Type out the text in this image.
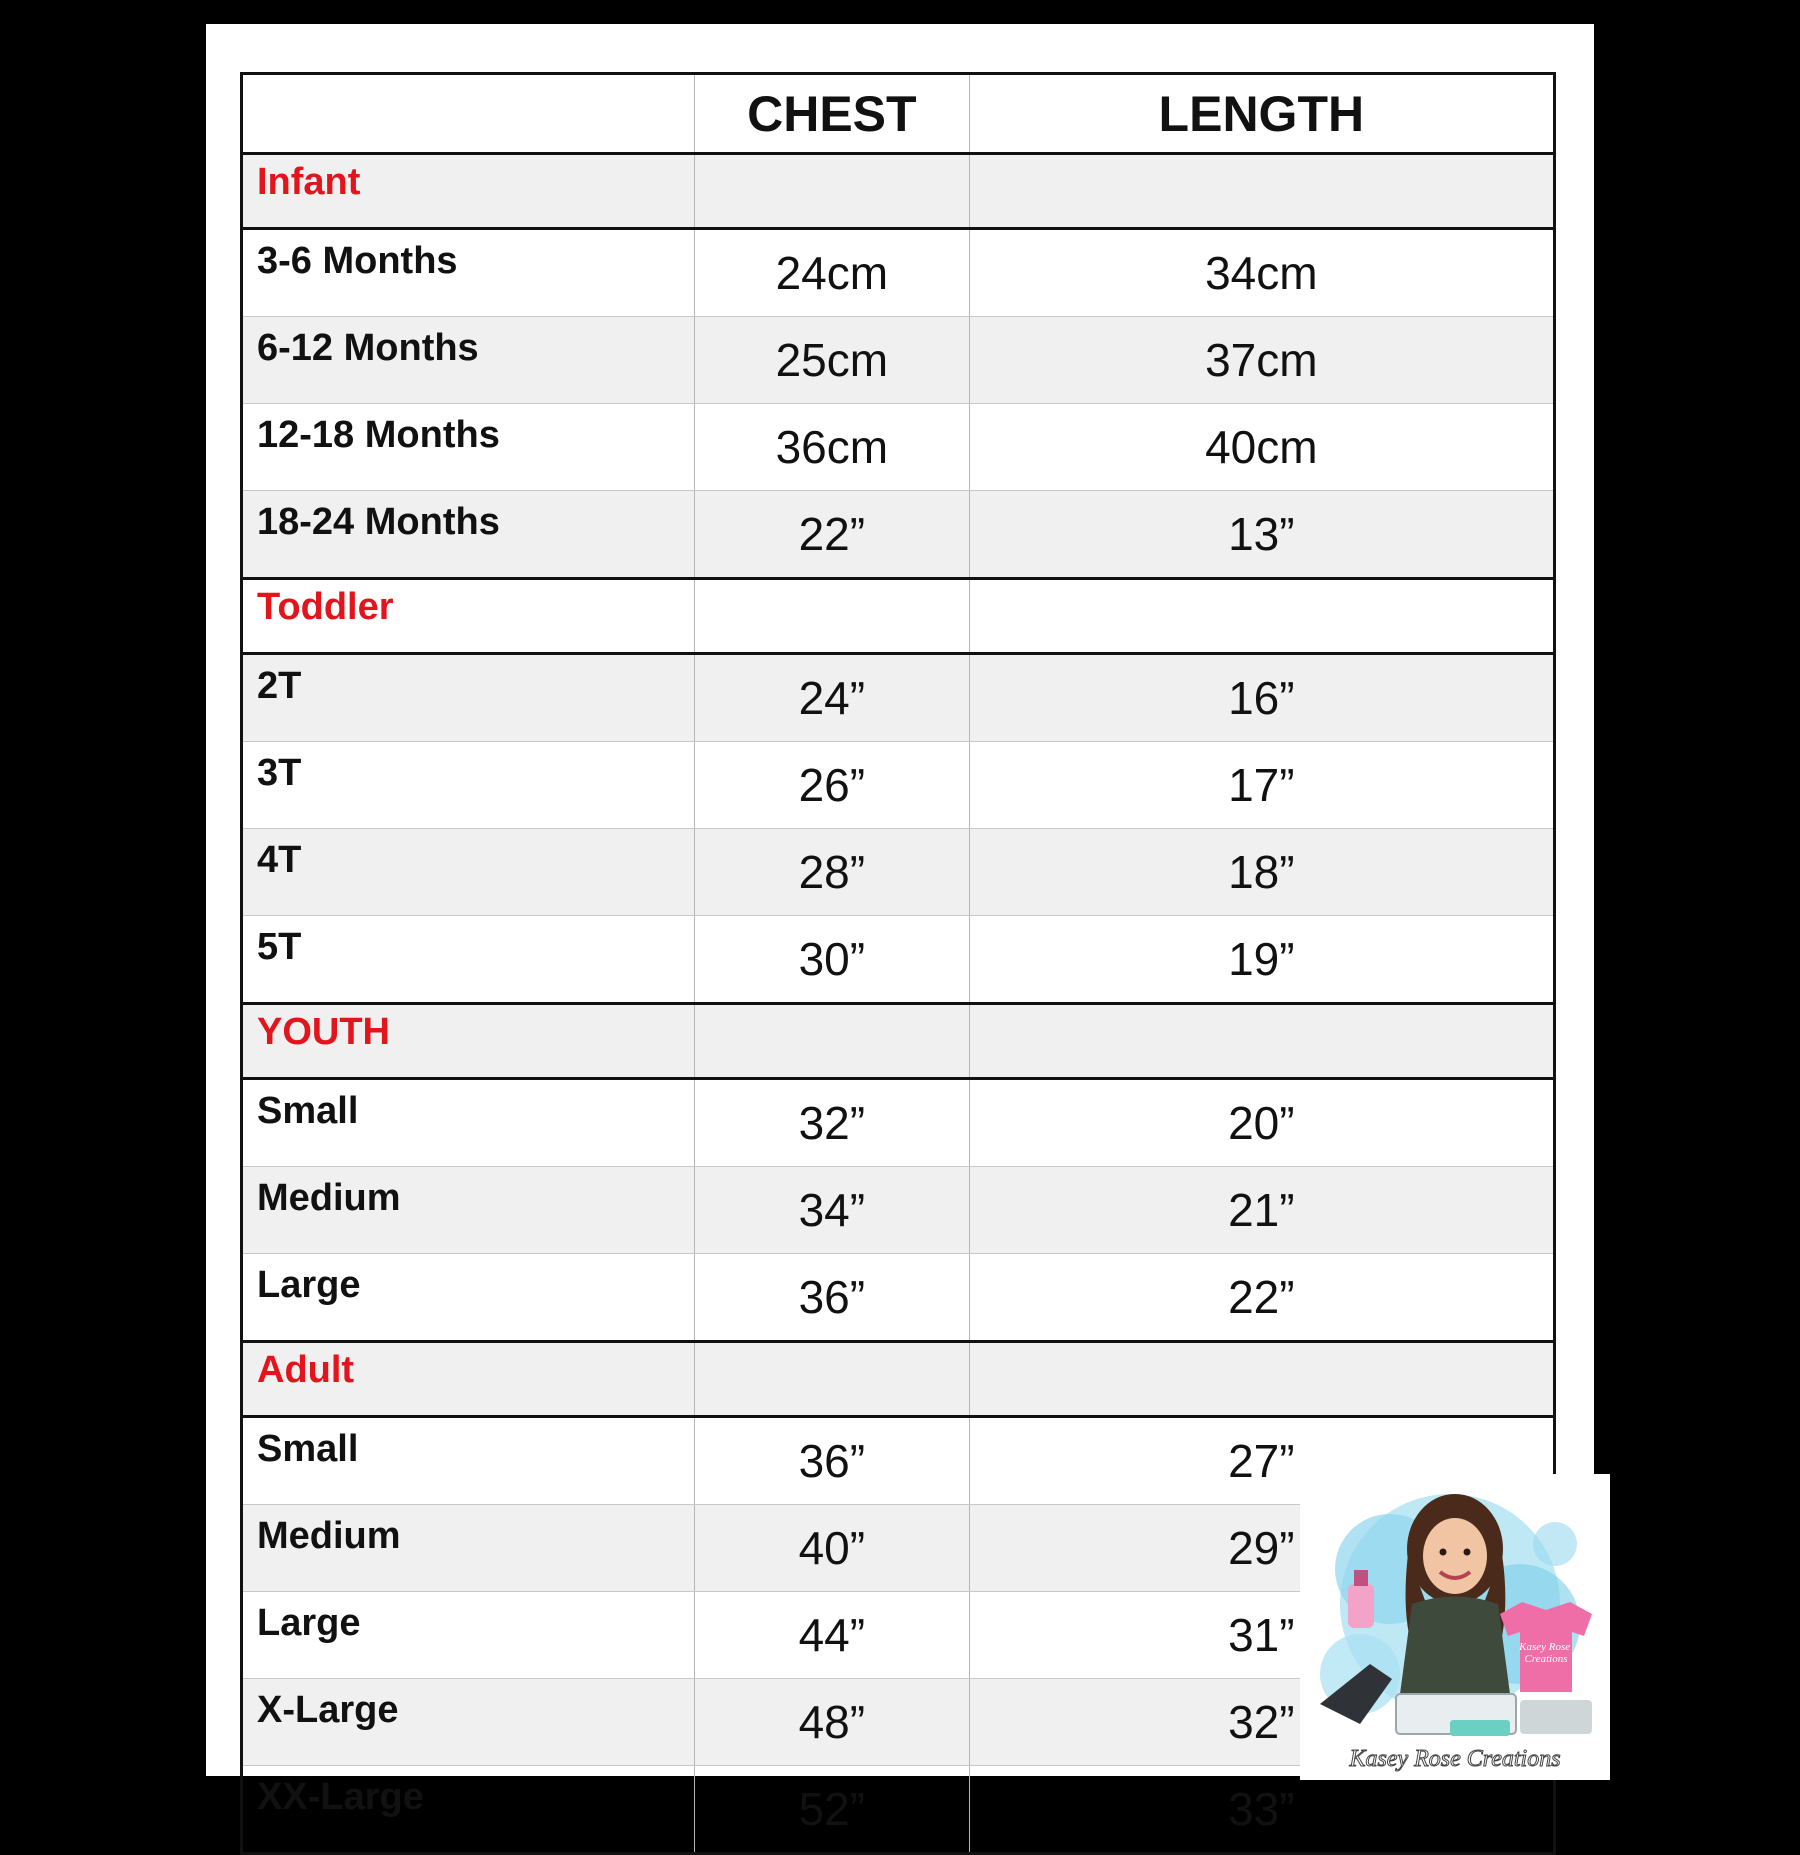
	CHEST	LENGTH
Infant		
3-6 Months	24cm	34cm
6-12 Months	25cm	37cm
12-18 Months	36cm	40cm
18-24 Months	22”	13”
Toddler		
2T	24”	16”
3T	26”	17”
4T	28”	18”
5T	30”	19”
YOUTH		
Small	32”	20”
Medium	34”	21”
Large	36”	22”
Adult		
Small	36”	27”
Medium	40”	29”
Large	44”	31”
X-Large	48”	32”
XX-Large	52”	33”
Kasey Rose Creations
Kasey Rose Creations
